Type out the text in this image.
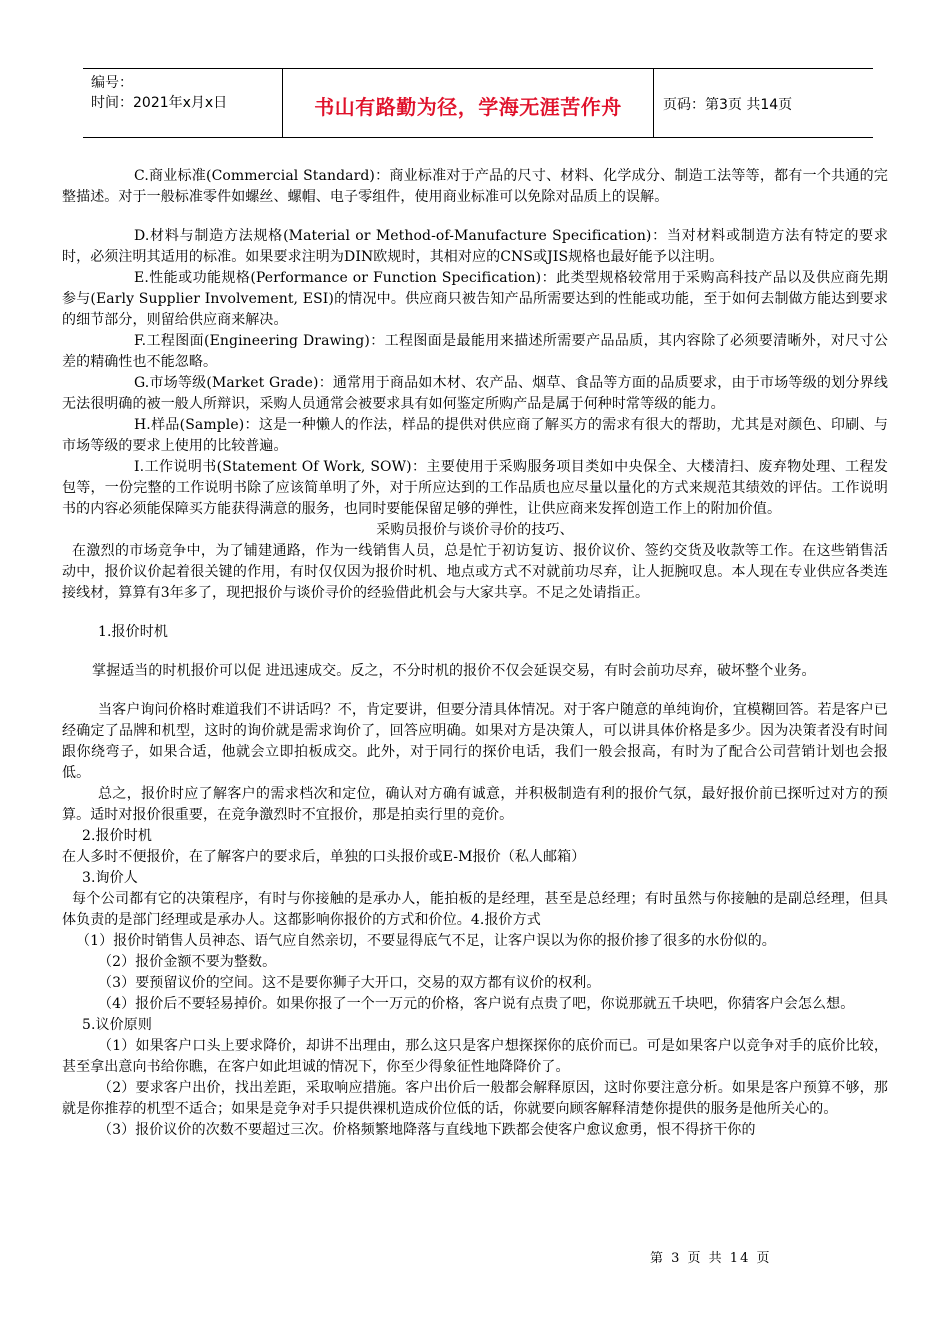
编号：
时间：2021年x月x日	书山有路勤为径，学海无涯苦作舟	页码：第3页 共14页

C.商业标准(Commercial Standard)：商业标准对于产品的尺寸、材料、化学成分、制造工法等等，都有一个共通的完整描述。对于一般标准零件如螺丝、螺帽、电子零组件，使用商业标准可以免除对品质上的误解。

D.材料与制造方法规格(Material or Method-of-Manufacture Specification)：当对材料或制造方法有特定的要求时，必须注明其适用的标准。如果要求注明为DIN欧规时，其相对应的CNS或JIS规格也最好能予以注明。

E.性能或功能规格(Performance or Function Specification)：此类型规格较常用于采购高科技产品以及供应商先期参与(Early Supplier Involvement, ESI)的情况中。供应商只被告知产品所需要达到的性能或功能，至于如何去制做方能达到要求的细节部分，则留给供应商来解决。

F.工程图面(Engineering Drawing)：工程图面是最能用来描述所需要产品品质，其内容除了必须要清晰外，对尺寸公差的精确性也不能忽略。

G.市场等级(Market Grade)：通常用于商品如木材、农产品、烟草、食品等方面的品质要求，由于市场等级的划分界线无法很明确的被一般人所辩识，采购人员通常会被要求具有如何鉴定所购产品是属于何种时常等级的能力。

H.样品(Sample)：这是一种懒人的作法，样品的提供对供应商了解买方的需求有很大的帮助，尤其是对颜色、印刷、与市场等级的要求上使用的比较普遍。

I.工作说明书(Statement Of Work, SOW)：主要使用于采购服务项目类如中央保全、大楼清扫、废弃物处理、工程发包等，一份完整的工作说明书除了应该简单明了外，对于所应达到的工作品质也应尽量以量化的方式来规范其绩效的评估。工作说明书的内容必须能保障买方能获得满意的服务，也同时要能保留足够的弹性，让供应商来发挥创造工作上的附加价值。

采购员报价与谈价寻价的技巧、

在激烈的市场竞争中，为了铺建通路，作为一线销售人员，总是忙于初访复访、报价议价、签约交货及收款等工作。在这些销售活动中，报价议价起着很关键的作用，有时仅仅因为报价时机、地点或方式不对就前功尽弃，让人扼腕叹息。本人现在专业供应各类连接线材，算算有3年多了，现把报价与谈价寻价的经验借此机会与大家共享。不足之处请指正。

1.报价时机

掌握适当的时机报价可以促 进迅速成交。反之，不分时机的报价不仅会延误交易，有时会前功尽弃，破坏整个业务。

当客户询问价格时难道我们不讲话吗？不，肯定要讲，但要分清具体情况。对于客户随意的单纯询价，宜模糊回答。若是客户已经确定了品牌和机型，这时的询价就是需求询价了，回答应明确。如果对方是决策人，可以讲具体价格是多少。因为决策者没有时间跟你绕弯子，如果合适，他就会立即拍板成交。此外，对于同行的探价电话，我们一般会报高，有时为了配合公司营销计划也会报低。

总之，报价时应了解客户的需求档次和定位，确认对方确有诚意，并积极制造有利的报价气氛，最好报价前已探听过对方的预算。适时对报价很重要，在竞争激烈时不宜报价，那是拍卖行里的竞价。

2.报价时机

在人多时不便报价，在了解客户的要求后，单独的口头报价或E-M报价（私人邮箱）

3.询价人

每个公司都有它的决策程序，有时与你接触的是承办人，能拍板的是经理，甚至是总经理；有时虽然与你接触的是副总经理，但具体负责的是部门经理或是承办人。这都影响你报价的方式和价位。4.报价方式

（1）报价时销售人员神态、语气应自然亲切，不要显得底气不足，让客户误以为你的报价掺了很多的水份似的。

（2）报价金额不要为整数。

（3）要预留议价的空间。这不是要你狮子大开口，交易的双方都有议价的权利。

（4）报价后不要轻易掉价。如果你报了一个一万元的价格，客户说有点贵了吧，你说那就五千块吧，你猜客户会怎么想。

5.议价原则

（1）如果客户口头上要求降价，却讲不出理由，那么这只是客户想探探你的底价而已。可是如果客户以竞争对手的底价比较，甚至拿出意向书给你瞧，在客户如此坦诚的情况下，你至少得象征性地降降价了。

（2）要求客户出价，找出差距，采取响应措施。客户出价后一般都会解释原因，这时你要注意分析。如果是客户预算不够，那就是你推荐的机型不适合；如果是竞争对手只提供裸机造成价位低的话，你就要向顾客解释清楚你提供的服务是他所关心的。

（3）报价议价的次数不要超过三次。价格频繁地降落与直线地下跌都会使客户愈议愈勇，恨不得挤干你的

第 3 页 共 14 页
